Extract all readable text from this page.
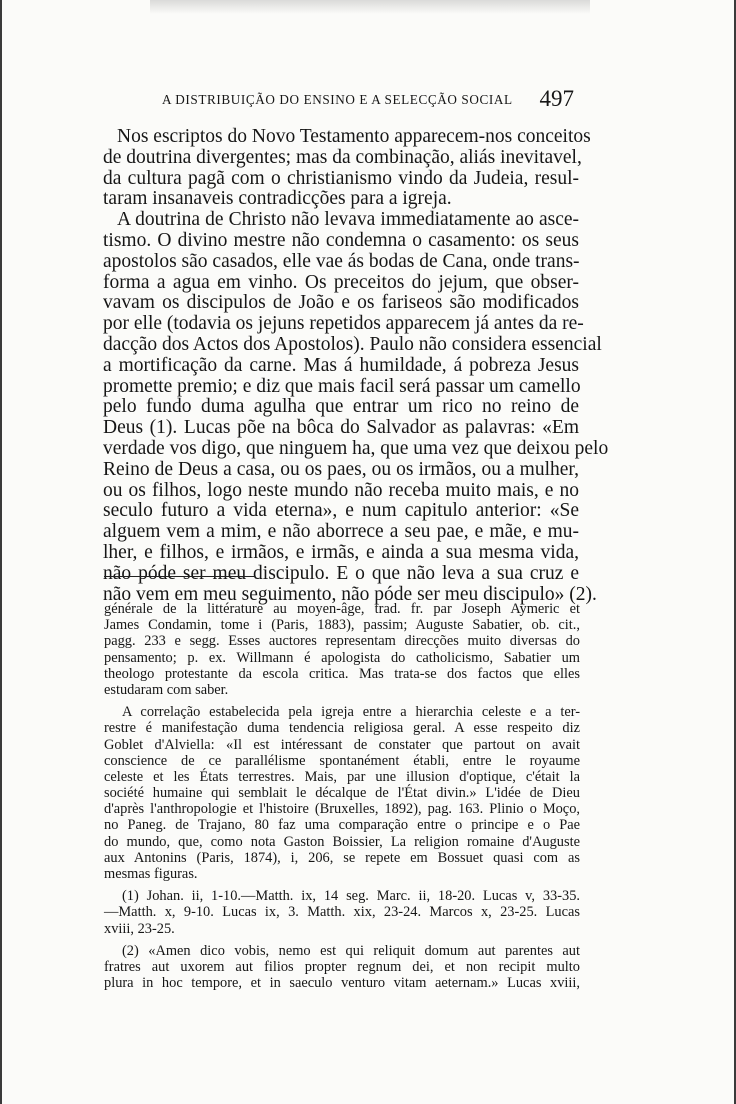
A DISTRIBUIÇÃO DO ENSINO E A SELECÇÃO SOCIAL 497
Nos escriptos do Novo Testamento apparecem-nos conceitos
de doutrina divergentes; mas da combinação, aliás inevitavel,
da cultura pagã com o christianismo vindo da Judeia, resul-
taram insanaveis contradicções para a igreja.
A doutrina de Christo não levava immediatamente ao asce-
tismo. O divino mestre não condemna o casamento: os seus
apostolos são casados, elle vae ás bodas de Cana, onde trans-
forma a agua em vinho. Os preceitos do jejum, que obser-
vavam os discipulos de João e os fariseos são modificados
por elle (todavia os jejuns repetidos apparecem já antes da re-
dacção dos Actos dos Apostolos). Paulo não considera essencial
a mortificação da carne. Mas á humildade, á pobreza Jesus
promette premio; e diz que mais facil será passar um camello
pelo fundo duma agulha que entrar um rico no reino de
Deus (1). Lucas põe na bôca do Salvador as palavras: «Em
verdade vos digo, que ninguem ha, que uma vez que deixou pelo
Reino de Deus a casa, ou os paes, ou os irmãos, ou a mulher,
ou os filhos, logo neste mundo não receba muito mais, e no
seculo futuro a vida eterna», e num capitulo anterior: «Se
alguem vem a mim, e não aborrece a seu pae, e mãe, e mu-
lher, e filhos, e irmãos, e irmãs, e ainda a sua mesma vida,
não póde ser meu discipulo. E o que não leva a sua cruz e
não vem em meu seguimento, não póde ser meu discipulo» (2).
générale de la littérature au moyen-âge, trad. fr. par Joseph Aymeric et
James Condamin, tome i (Paris, 1883), passim; Auguste Sabatier, ob. cit.,
pagg. 233 e segg. Esses auctores representam direcções muito diversas do
pensamento; p. ex. Willmann é apologista do catholicismo, Sabatier um
theologo protestante da escola critica. Mas trata-se dos factos que elles
estudaram com saber.
A correlação estabelecida pela igreja entre a hierarchia celeste e a ter-
restre é manifestação duma tendencia religiosa geral. A esse respeito diz
Goblet d'Alviella: «Il est intéressant de constater que partout on avait
conscience de ce parallélisme spontanément établi, entre le royaume
celeste et les États terrestres. Mais, par une illusion d'optique, c'était la
société humaine qui semblait le décalque de l'État divin.» L'idée de Dieu
d'après l'anthropologie et l'histoire (Bruxelles, 1892), pag. 163. Plinio o Moço,
no Paneg. de Trajano, 80 faz uma comparação entre o principe e o Pae
do mundo, que, como nota Gaston Boissier, La religion romaine d'Auguste
aux Antonins (Paris, 1874), i, 206, se repete em Bossuet quasi com as
mesmas figuras.
(1) Johan. ii, 1-10.—Matth. ix, 14 seg. Marc. ii, 18-20. Lucas v, 33-35.
—Matth. x, 9-10. Lucas ix, 3. Matth. xix, 23-24. Marcos x, 23-25. Lucas
xviii, 23-25.
(2) «Amen dico vobis, nemo est qui reliquit domum aut parentes aut
fratres aut uxorem aut filios propter regnum dei, et non recipit multo
plura in hoc tempore, et in saeculo venturo vitam aeternam.» Lucas xviii,
